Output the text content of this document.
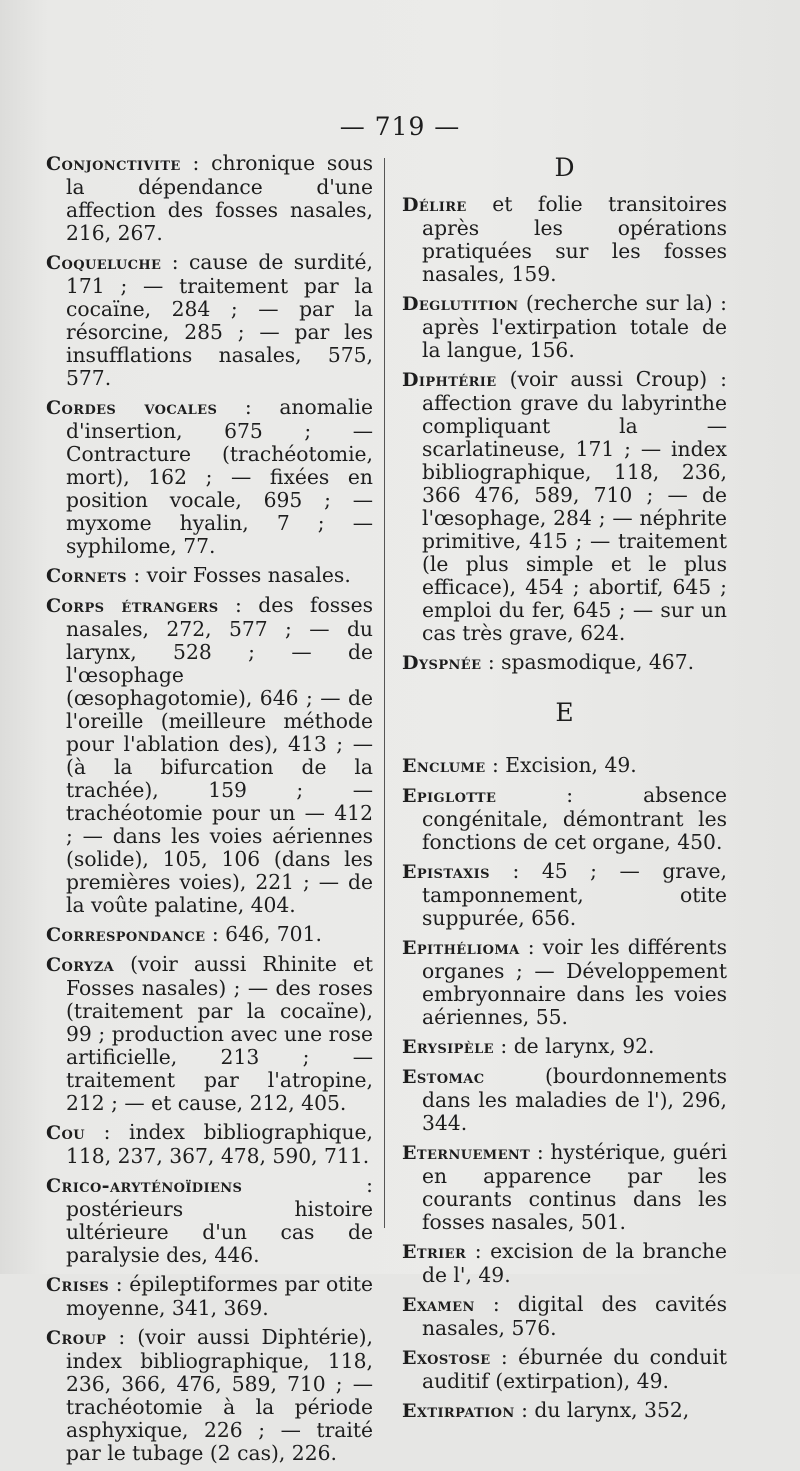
— 719 —

Conjonctivite : chronique sous la dépendance d'une affection des fosses nasales, 216, 267.

Coqueluche : cause de surdité, 171 ; — traitement par la cocaïne, 284 ; — par la résorcine, 285 ; — par les insufflations nasales, 575, 577.

Cordes vocales : anomalie d'insertion, 675 ; — Contracture (trachéotomie, mort), 162 ; — fixées en position vocale, 695 ; — myxome hyalin, 7 ; — syphilome, 77.

Cornets : voir Fosses nasales.

Corps étrangers : des fosses nasales, 272, 577 ; — du larynx, 528 ; — de l'œsophage (œsophagotomie), 646 ; — de l'oreille (meilleure méthode pour l'ablation des), 413 ; — (à la bifurcation de la trachée), 159 ; — trachéotomie pour un — 412 ; — dans les voies aériennes (solide), 105, 106 (dans les premières voies), 221 ; — de la voûte palatine, 404.

Correspondance : 646, 701.

Coryza (voir aussi Rhinite et Fosses nasales) ; — des roses (traitement par la cocaïne), 99 ; production avec une rose artificielle, 213 ; — traitement par l'atropine, 212 ; — et cause, 212, 405.

Cou : index bibliographique, 118, 237, 367, 478, 590, 711.

Crico-aryténoïdiens : postérieurs histoire ultérieure d'un cas de paralysie des, 446.

Crises : épileptiformes par otite moyenne, 341, 369.

Croup : (voir aussi Diphtérie), index bibliographique, 118, 236, 366, 476, 589, 710 ; — trachéotomie à la période asphyxique, 226 ; — traité par le tubage (2 cas), 226.

D

Délire et folie transitoires après les opérations pratiquées sur les fosses nasales, 159.

Deglutition (recherche sur la) : après l'extirpation totale de la langue, 156.

Diphtérie (voir aussi Croup) : affection grave du labyrinthe compliquant la — scarlatineuse, 171 ; — index bibliographique, 118, 236, 366 476, 589, 710 ; — de l'œsophage, 284 ; — néphrite primitive, 415 ; — traitement (le plus simple et le plus efficace), 454 ; abortif, 645 ; emploi du fer, 645 ; — sur un cas très grave, 624.

Dyspnée : spasmodique, 467.

E

Enclume : Excision, 49.

Epiglotte : absence congénitale, démontrant les fonctions de cet organe, 450.

Epistaxis : 45 ; — grave, tamponnement, otite suppurée, 656.

Epithélioma : voir les différents organes ; — Développement embryonnaire dans les voies aériennes, 55.

Erysipèle : de larynx, 92.

Estomac (bourdonnements dans les maladies de l'), 296, 344.

Eternuement : hystérique, guéri en apparence par les courants continus dans les fosses nasales, 501.

Etrier : excision de la branche de l', 49.

Examen : digital des cavités nasales, 576.

Exostose : éburnée du conduit auditif (extirpation), 49.

Extirpation : du larynx, 352,
